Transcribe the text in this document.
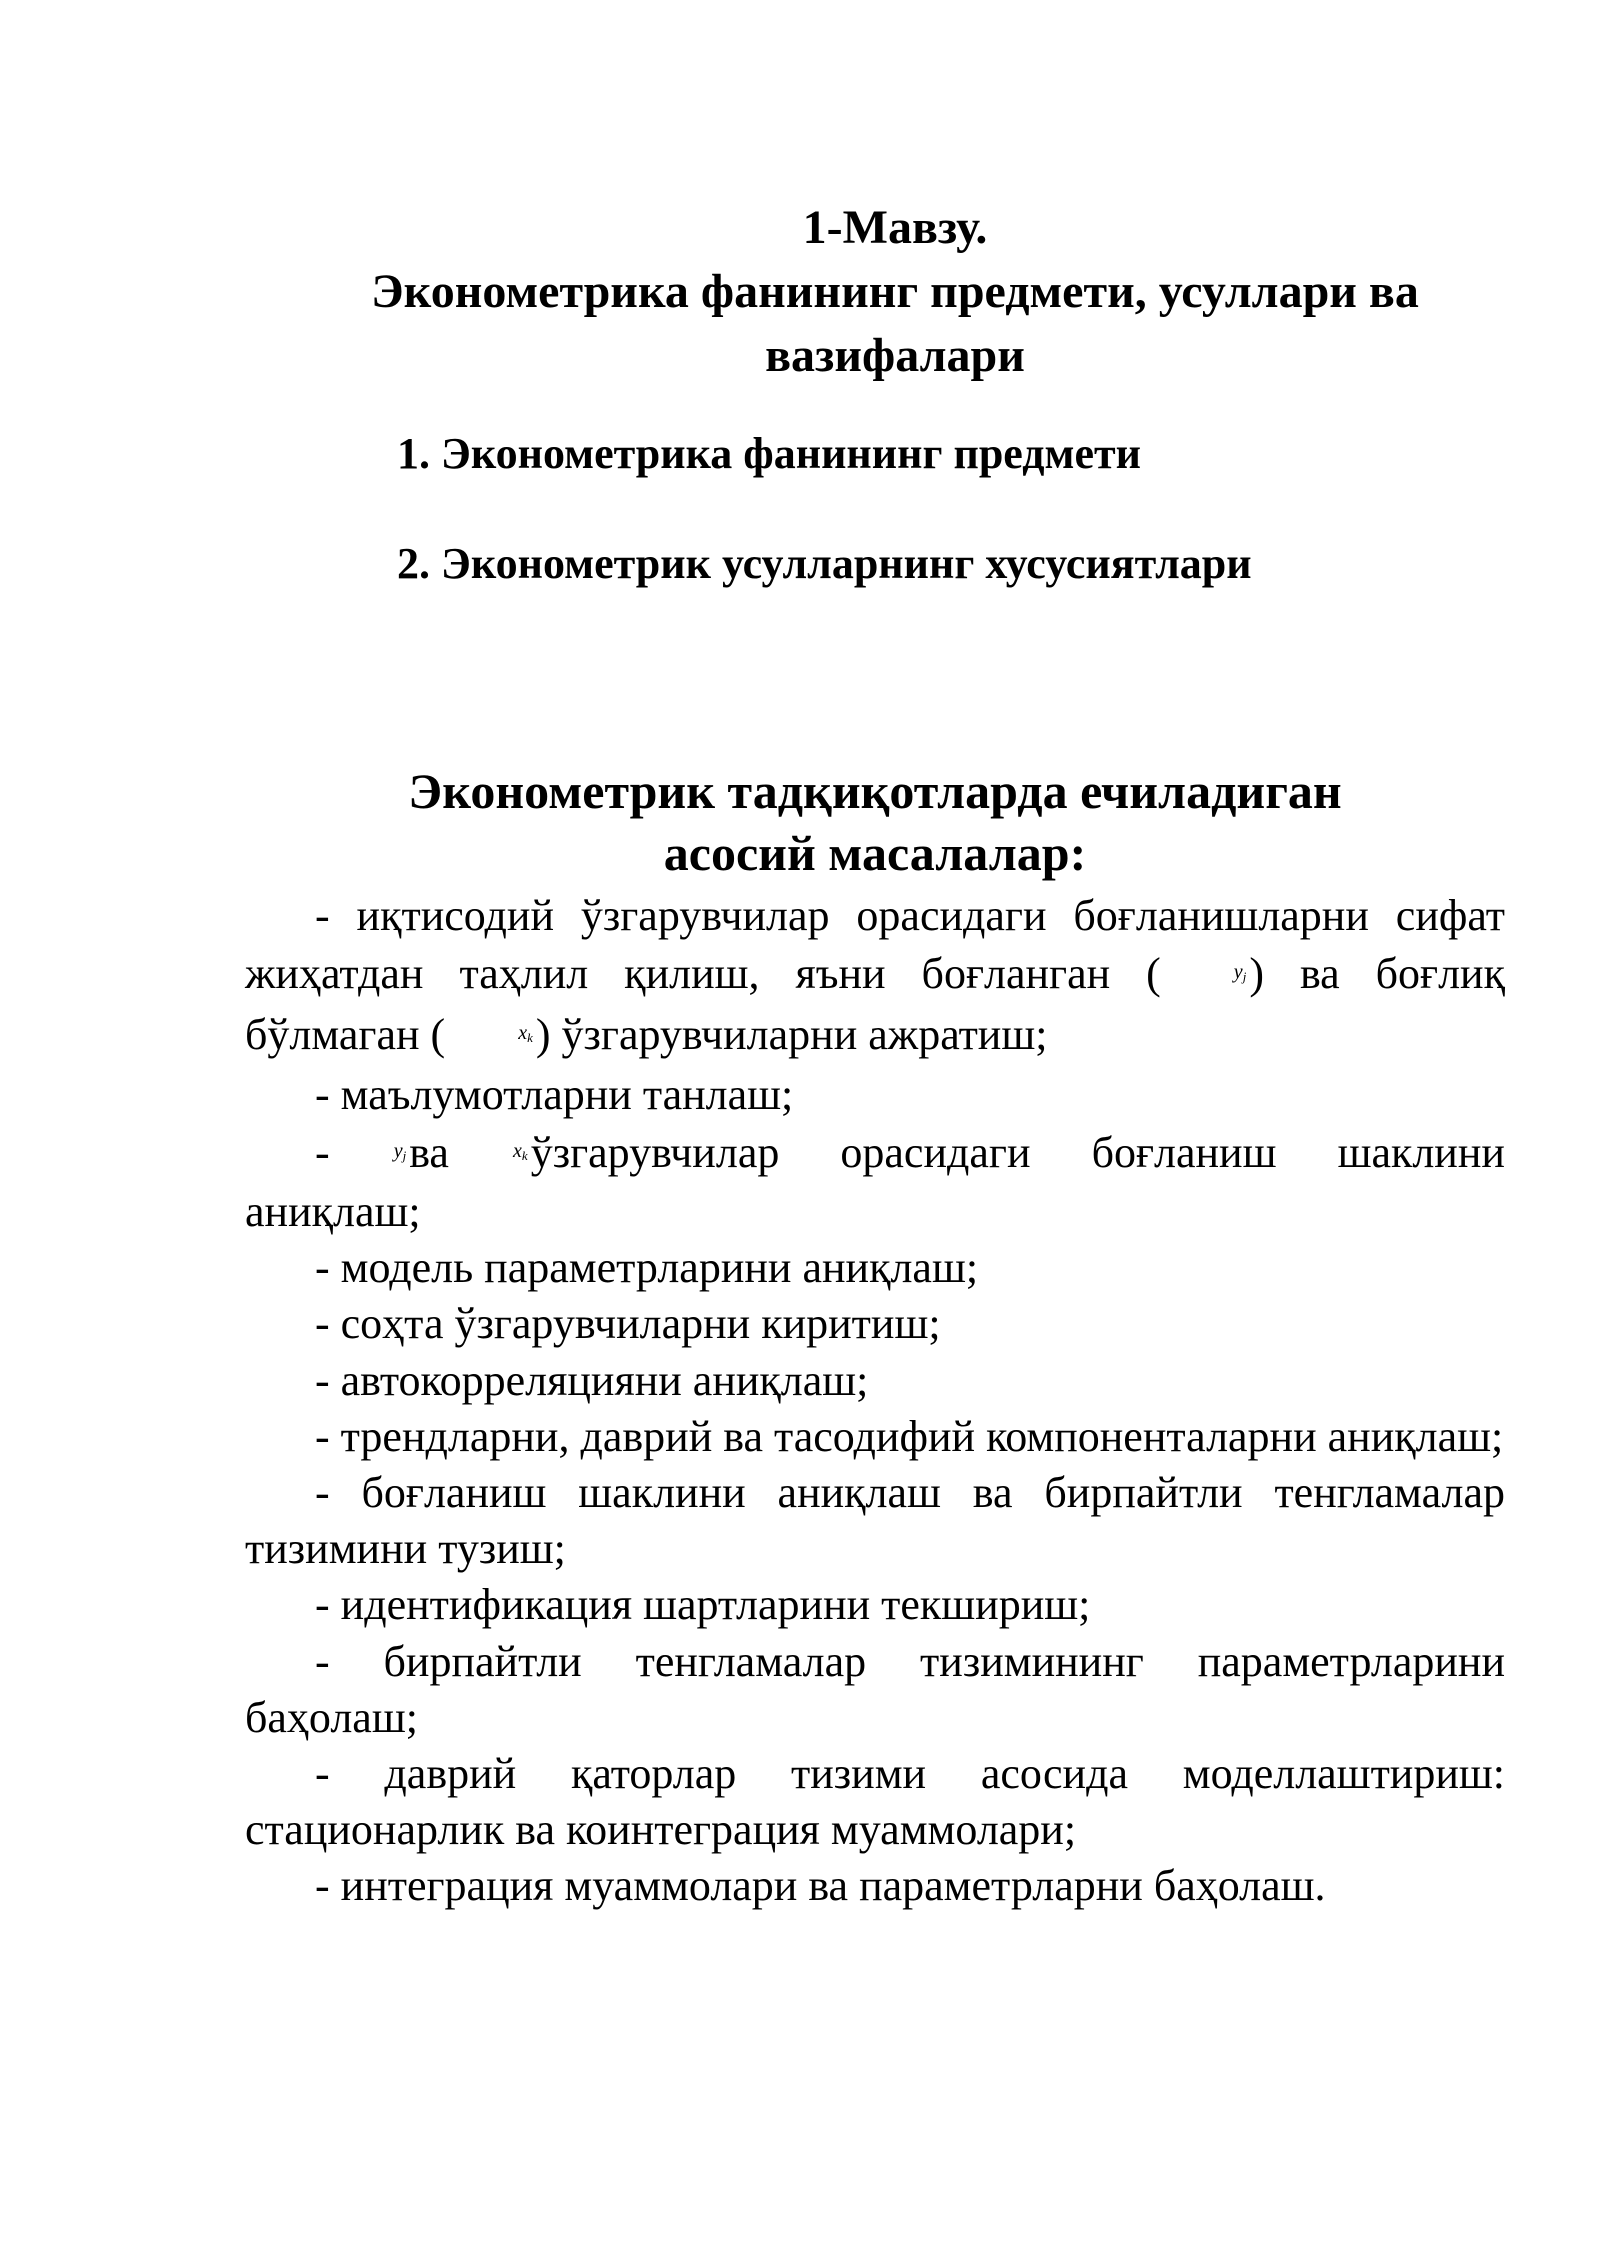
1-Мавзу.
Эконометрика фанининг предмети, усуллари ва
вазифалари
1. Эконометрика фанининг предмети
2. Эконометрик усулларнинг хусусиятлари
Эконометрик тадқиқотларда ечиладиган
асосий масалалар:

- иқтисодий ўзгарувчилар орасидаги боғланишларни сифат жиҳатдан таҳлил қилиш, яъни боғланган (	$y_j$) ва боғлиқ бўлмаган (	$x_k$) ўзгарувчиларни ажратиш;

- маълумотларни танлаш;

-	$y_jва$	$x_kўзгарувчилар$ орасидаги боғланиш шаклини

аниқлаш;

- модель параметрларини аниқлаш;

- соҳта ўзгарувчиларни киритиш;

- автокорреляцияни аниқлаш;

- трендларни, даврий ва тасодифий компоненталарни аниқлаш;

- боғланиш шаклини аниқлаш ва бирпайтли тенгламалар тизимини тузиш;

- идентификация шартларини текшириш;

- бирпайтли тенгламалар тизимининг параметрларини баҳолаш;

- даврий қаторлар тизими асосида моделлаштириш: стационарлик ва коинтеграция муаммолари;

- интеграция муаммолари ва параметрларни баҳолаш.
